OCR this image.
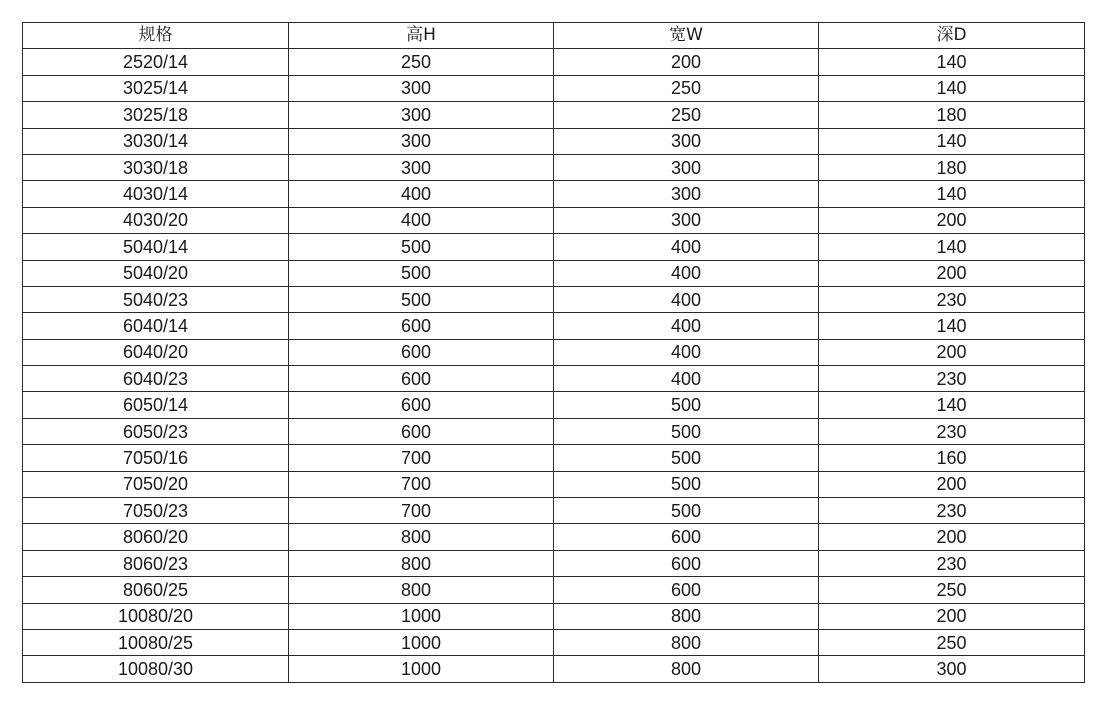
规格	高H	宽W	深D
2520/14	250	200	140
3025/14	300	250	140
3025/18	300	250	180
3030/14	300	300	140
3030/18	300	300	180
4030/14	400	300	140
4030/20	400	300	200
5040/14	500	400	140
5040/20	500	400	200
5040/23	500	400	230
6040/14	600	400	140
6040/20	600	400	200
6040/23	600	400	230
6050/14	600	500	140
6050/23	600	500	230
7050/16	700	500	160
7050/20	700	500	200
7050/23	700	500	230
8060/20	800	600	200
8060/23	800	600	230
8060/25	800	600	250
10080/20	1000	800	200
10080/25	1000	800	250
10080/30	1000	800	300
